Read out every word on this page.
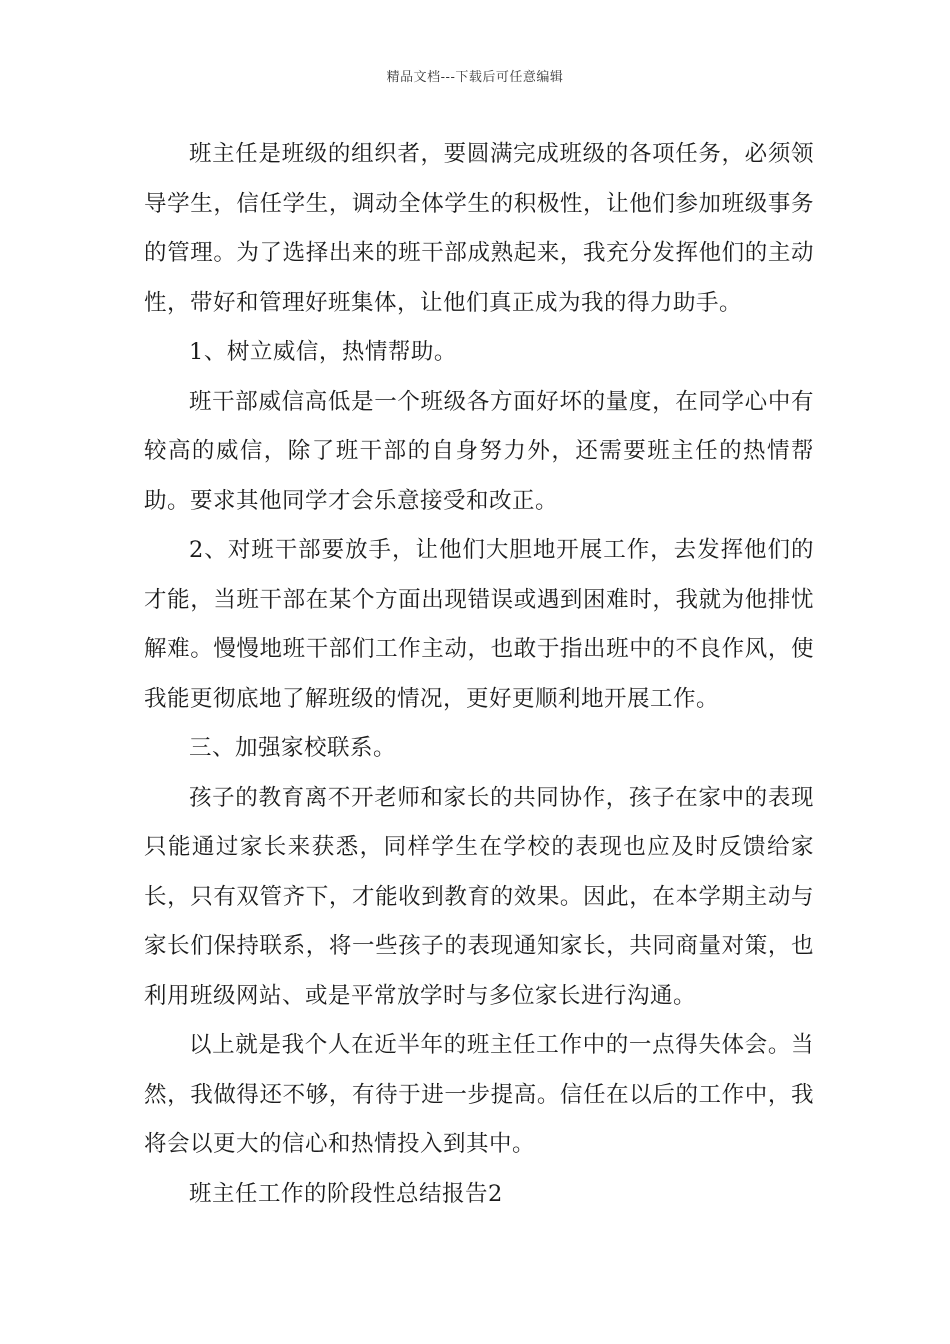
精品文档---下载后可任意编辑

班主任是班级的组织者，要圆满完成班级的各项任务，必须领导学生，信任学生，调动全体学生的积极性，让他们参加班级事务的管理。为了选择出来的班干部成熟起来，我充分发挥他们的主动性，带好和管理好班集体，让他们真正成为我的得力助手。

1、树立威信，热情帮助。

班干部威信高低是一个班级各方面好坏的量度，在同学心中有较高的威信，除了班干部的自身努力外，还需要班主任的热情帮助。要求其他同学才会乐意接受和改正。

2、对班干部要放手，让他们大胆地开展工作，去发挥他们的才能，当班干部在某个方面出现错误或遇到困难时，我就为他排忧解难。慢慢地班干部们工作主动，也敢于指出班中的不良作风，使我能更彻底地了解班级的情况，更好更顺利地开展工作。

三、加强家校联系。

孩子的教育离不开老师和家长的共同协作，孩子在家中的表现只能通过家长来获悉，同样学生在学校的表现也应及时反馈给家长，只有双管齐下，才能收到教育的效果。因此，在本学期主动与家长们保持联系，将一些孩子的表现通知家长，共同商量对策，也利用班级网站、或是平常放学时与多位家长进行沟通。

以上就是我个人在近半年的班主任工作中的一点得失体会。当然，我做得还不够，有待于进一步提高。信任在以后的工作中，我将会以更大的信心和热情投入到其中。

班主任工作的阶段性总结报告2
